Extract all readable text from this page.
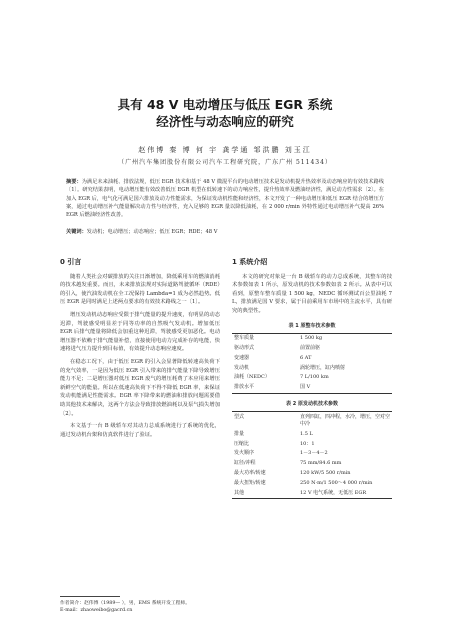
具有 48 V 电动增压与低压 EGR 系统
经济性与动态响应的研究
赵伟博 秦 博 何 宇 龚学通 邹洪鹏 刘玉江
（广州汽车集团股份有限公司汽车工程研究院，广东广州 511434）
摘要：为满足未来油耗、排放法规，低压 EGR 技术和基于 48 V 微混平台的电动增压技术是发动机提升热效率及动态响应的有效技术路线〔1〕。研究结果表明，电动增压能有效改善低压 EGR 机型在低转速下的动力响应性，提升热效率及燃油经济性，满足动力性需求〔2〕。在加入 EGR 后，电气化可满足国六排放及动力性能需求，为保证发动机性能和经济性，本文开发了一种电动增压和低压 EGR 结合的增压方案，通过电动增压补气能量解决动力性与经济性，充入足够的 EGR 量以降低油耗，在 2 000 r/min 外特性通过电动增压补气提高 26% EGR 后燃油经济性改善。
关键词：发动机；电动增压；动态响应；低压 EGR；RDE；48 V
0 引言

随着人类社会对碳排放的关注日渐增加，降低乘用车的燃油消耗的技术越发重要。而且，未来排放法规对实际道路驾驶循环（RDE）的引入，使汽油发动机在全工况保持 Lambda=1 成为必然趋势。低压 EGR 是同时满足上述两点要求的有效技术路线之一〔1〕。

增压发动机动态响应受限于排气能量的提升速度，有明显的动态迟滞，驾驶感受明显差于同等功率的自然吸气发动机。增加低压 EGR 后排气能量将降低会加重这种迟滞，驾驶感受更加恶化。电动增压器不依赖于排气能量补偿，直接使用电动力完成补存的电能，快速将进气压力提升到目标值，有效提升动态响应速度。

在稳态工况下，由于低压 EGR 的引入会显著降低转速高负荷下的充气效率，一是因为低压 EGR 引入带来的排气能量下降导致增压能力不足；二是增压器对低压 EGR 废气的增压耗费了本应用来增压新鲜空气的能量。所以在低速高负荷下不得不降低 EGR 率，来保证发动机能满足性能需求。EGR 率下降带来的燃油和排放问题需要借助其他技术来解决，这两个方法会导致排放燃油耗以及泵气损失增加〔2〕。

本文基于一台 B 级轿车对其动力总成系统进行了系统的优化，通过发动机台架和仿真软件进行了验证。

1 系统介绍

本文的研究对象是一台 B 级轿车的动力总成系统，其整车的技术参数如表 1 所示，原发动机的技术参数如表 2 所示。从表中可以看到，原整车整车质量 1 500 kg，NEDC 循环测试百公里油耗 7 L，排放满足国 V 要求，属于目前乘用车市场中的主流水平，具有研究的典型性。

表 1 原整车技术参数
整车质量	1 500 kg
驱动形式	前置前驱
变速器	6 AT
发动机	涡轮增压，缸内喷射
油耗（NEDC）	7 L/100 km
排放水平	国 V
表 2 原发动机技术参数
型式	直列四缸，四冲程，水冷，增压，空对空中冷
排量	1.5 L
压缩比	10：1
发火顺序	1－3－4－2
缸径/冲程	75 mm/84.6 mm
最大功率/转速	120 kW/5 500 r/min
最大扭矩/转速	250 N·m/1 500～4 000 r/min
其他	12 V 电气系统，无低压 EGR
作者简介：赵伟博（1989— ），男，EMS 系统开发工程师。
E-mail：zhaoweibo@gacrd.cn
